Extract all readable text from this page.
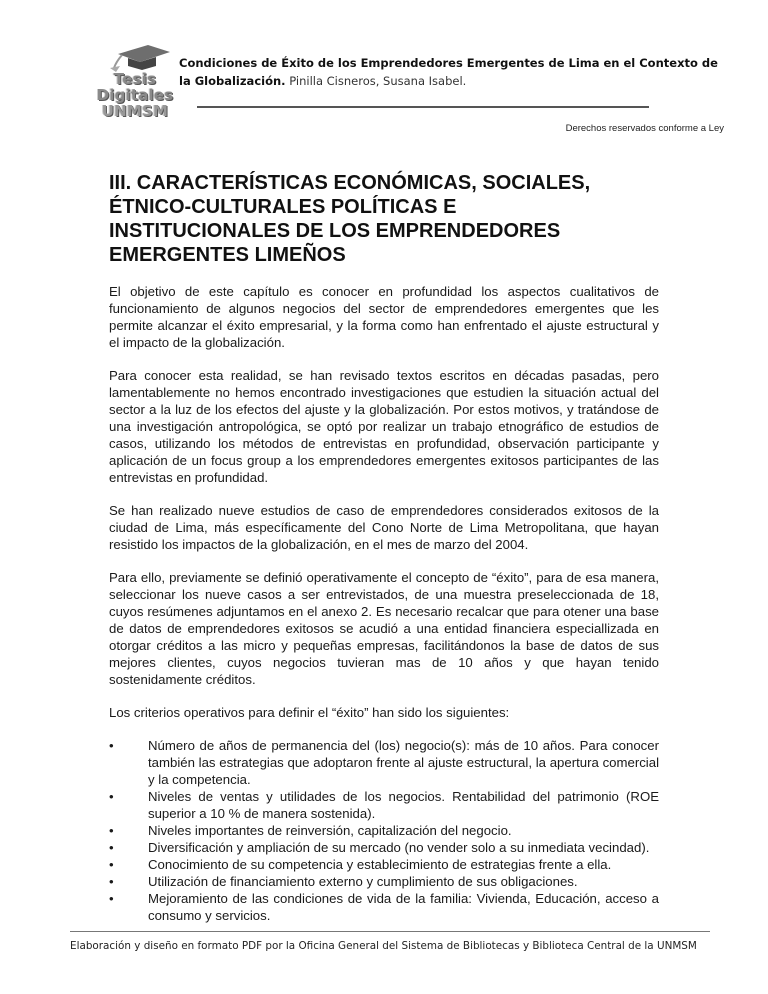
Tesis
Digitales
UNMSM
Condiciones de Éxito de los Emprendedores Emergentes de Lima en el Contexto de la Globalización. Pinilla Cisneros, Susana Isabel.
Derechos reservados conforme a Ley
III. CARACTERÍSTICAS ECONÓMICAS, SOCIALES, ÉTNICO-CULTURALES POLÍTICAS E INSTITUCIONALES DE LOS EMPRENDEDORES EMERGENTES LIMEÑOS

El objetivo de este capítulo es conocer en profundidad los aspectos cualitativos de funcionamiento de algunos negocios del sector de emprendedores emergentes que les permite alcanzar el éxito empresarial, y la forma como han enfrentado el ajuste estructural y el impacto de la globalización.

Para conocer esta realidad, se han revisado textos escritos en décadas pasadas, pero lamentablemente no hemos encontrado investigaciones que estudien la situación actual del sector a la luz de los efectos del ajuste y la globalización. Por estos motivos, y tratándose de una investigación antropológica, se optó por realizar un trabajo etnográfico de estudios de casos, utilizando los métodos de entrevistas en profundidad, observación participante y aplicación de un focus group a los emprendedores emergentes exitosos participantes de las entrevistas en profundidad.

Se han realizado nueve estudios de caso de emprendedores considerados exitosos de la ciudad de Lima, más específicamente del Cono Norte de Lima Metropolitana, que hayan resistido los impactos de la globalización, en el mes de marzo del 2004.

Para ello, previamente se definió operativamente el concepto de “éxito”, para de esa manera, seleccionar los nueve casos a ser entrevistados, de una muestra preseleccionada de 18, cuyos resúmenes adjuntamos en el anexo 2. Es necesario recalcar que para otener una base de datos de emprendedores exitosos se acudió a una entidad financiera especiallizada en otorgar créditos a las micro y pequeñas empresas, facilitándonos la base de datos de sus mejores clientes, cuyos negocios tuvieran mas de 10 años y que hayan tenido sostenidamente créditos.

Los criterios operativos para definir el “éxito” han sido los siguientes:

•	Número de años de permanencia del (los) negocio(s): más de 10 años. Para conocer también las estrategias que adoptaron frente al ajuste estructural, la apertura comercial y la competencia.
•	Niveles de ventas y utilidades de los negocios. Rentabilidad del patrimonio (ROE superior a 10 % de manera sostenida).
•	Niveles importantes de reinversión, capitalización del negocio.
•	Diversificación y ampliación de su mercado (no vender solo a su inmediata vecindad).
•	Conocimiento de su competencia y establecimiento de estrategias frente a ella.
•	Utilización de financiamiento externo y cumplimiento de sus obligaciones.
•	Mejoramiento de las condiciones de vida de la familia: Vivienda, Educación, acceso a consumo y servicios.
Elaboración y diseño en formato PDF por la Oficina General del Sistema de Bibliotecas y Biblioteca Central de la UNMSM
